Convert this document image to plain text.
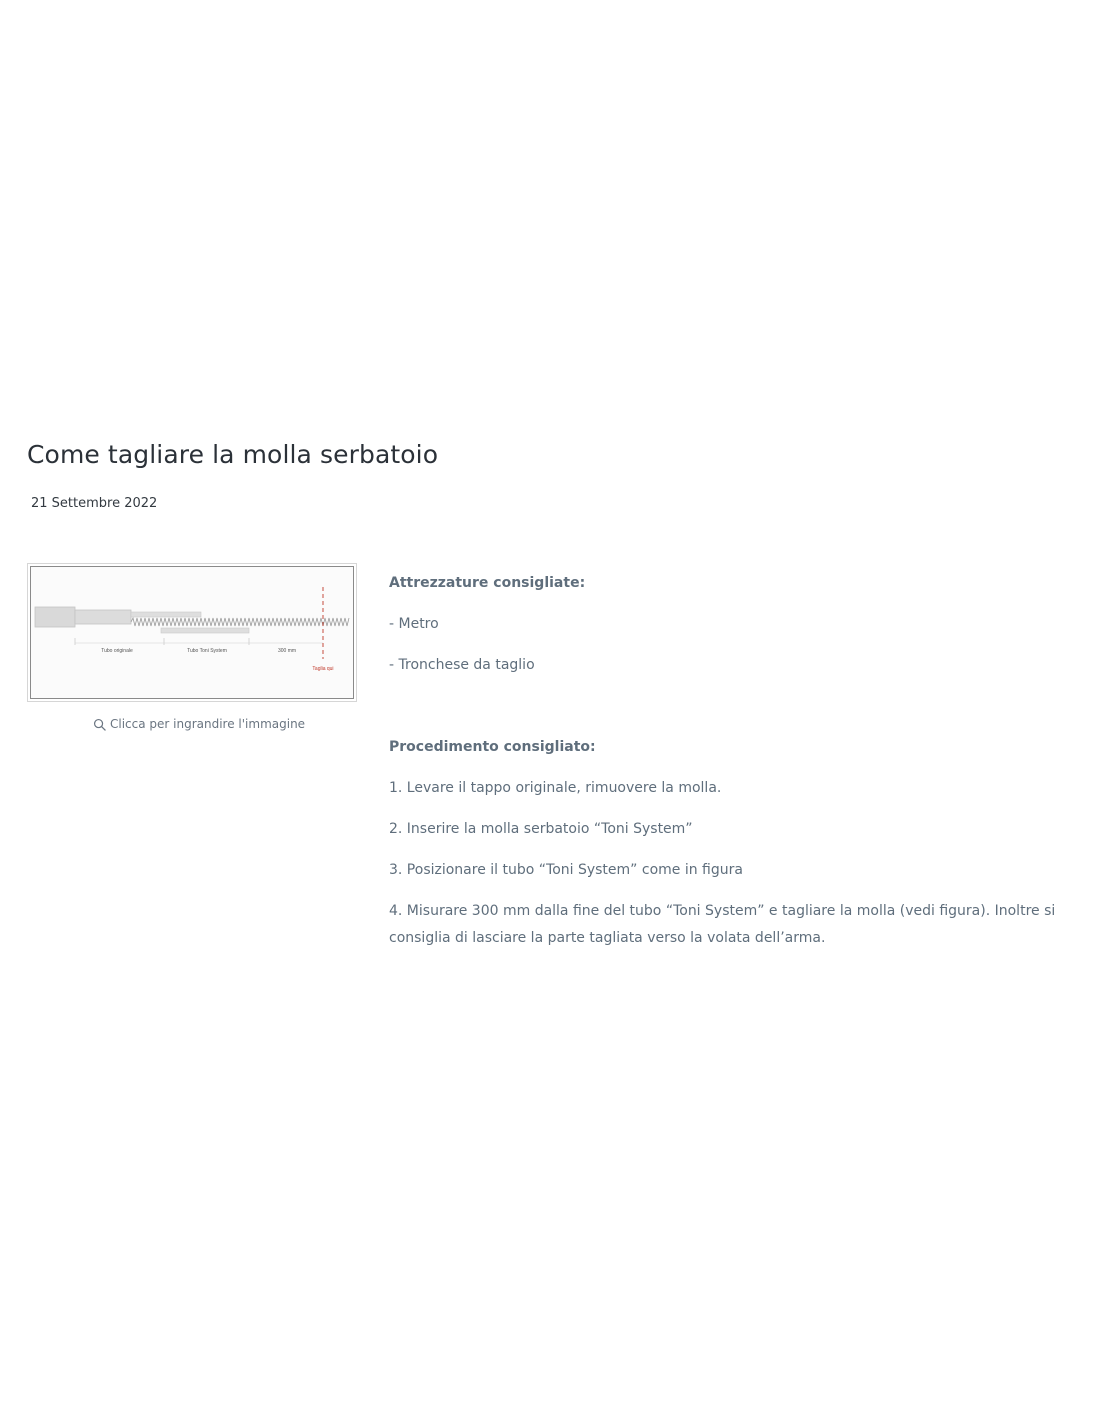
Come tagliare la molla serbatoio
21 Settembre 2022
Tubo originale	Tubo Toni System	300 mm
Taglia qui
Clicca per ingrandire l'immagine

Attrezzature consigliate:

- Metro

- Tronchese da taglio

Procedimento consigliato:

1. Levare il tappo originale, rimuovere la molla.

2. Inserire la molla serbatoio “Toni System”

3. Posizionare il tubo “Toni System” come in figura

4. Misurare 300 mm dalla fine del tubo “Toni System” e tagliare la molla (vedi figura). Inoltre si consiglia di lasciare la parte tagliata verso la volata dell’arma.
